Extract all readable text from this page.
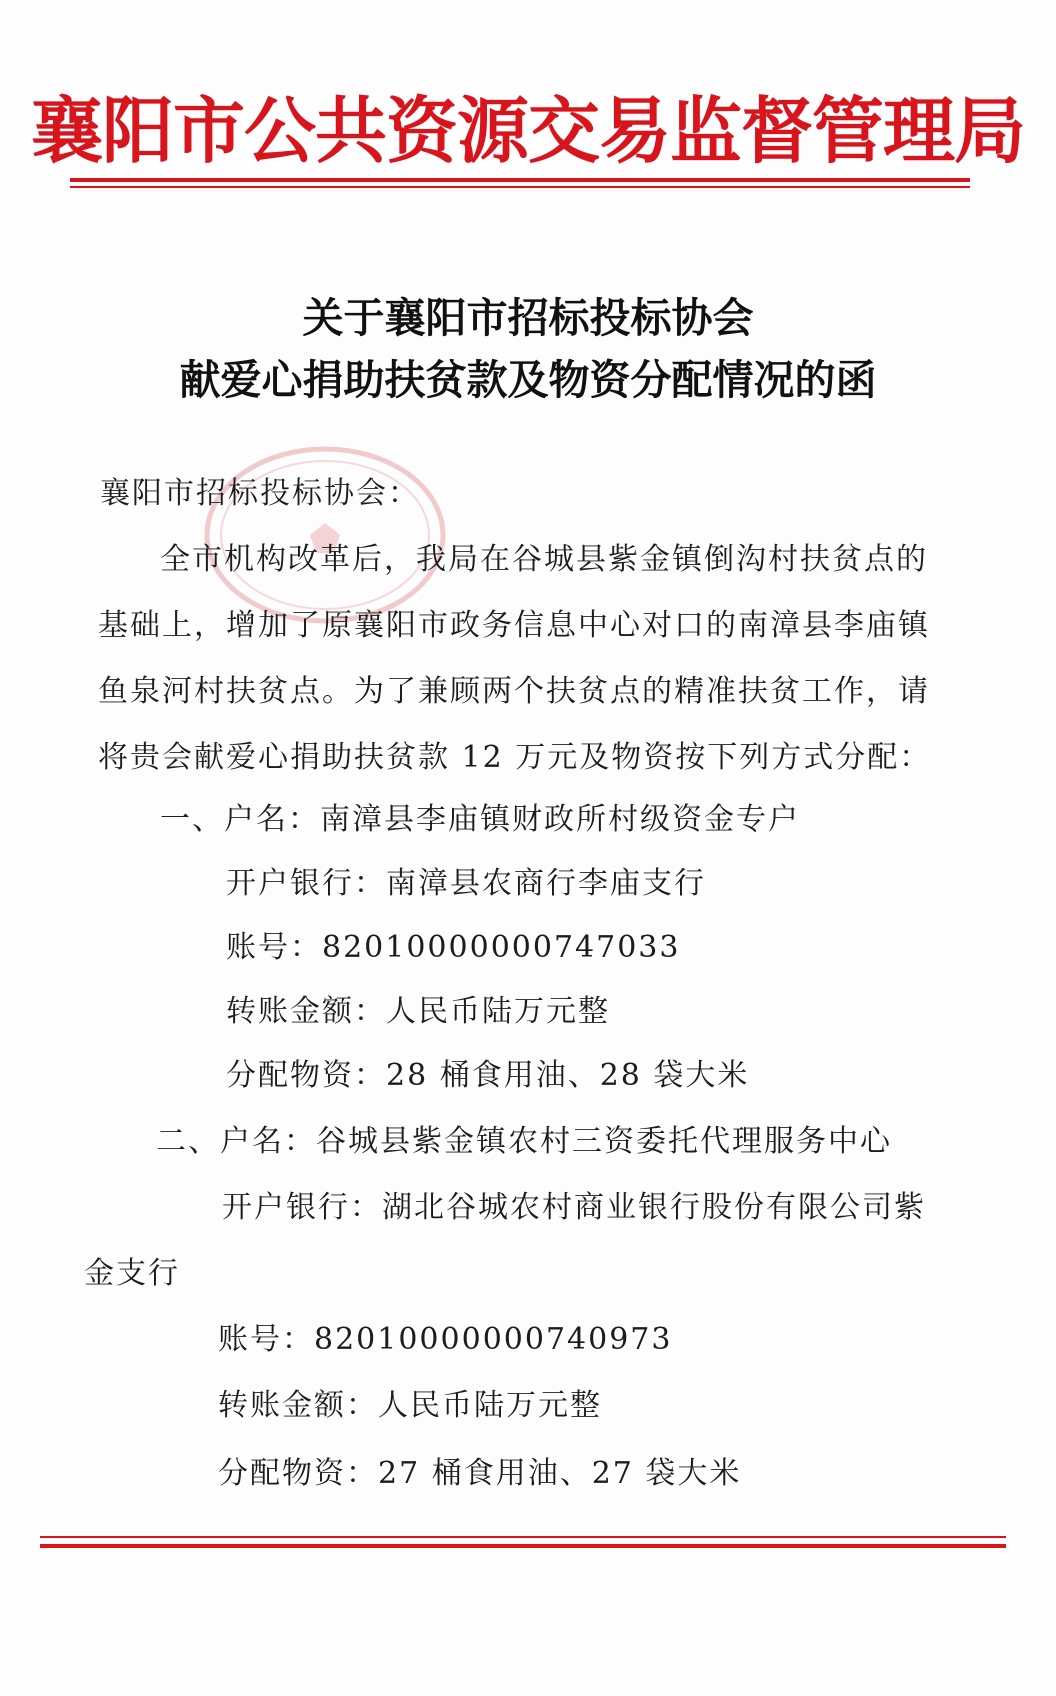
襄阳市公共资源交易监督管理局
关于襄阳市招标投标协会
献爱心捐助扶贫款及物资分配情况的函
襄阳市招标投标协会：
全市机构改革后，我局在谷城县紫金镇倒沟村扶贫点的
基础上，增加了原襄阳市政务信息中心对口的南漳县李庙镇
鱼泉河村扶贫点。为了兼顾两个扶贫点的精准扶贫工作，请
将贵会献爱心捐助扶贫款 12 万元及物资按下列方式分配：
一、户名：南漳县李庙镇财政所村级资金专户
开户银行：南漳县农商行李庙支行
账号：82010000000747033
转账金额：人民币陆万元整
分配物资：28 桶食用油、28 袋大米
二、户名：谷城县紫金镇农村三资委托代理服务中心
开户银行：湖北谷城农村商业银行股份有限公司紫
金支行
账号：82010000000740973
转账金额：人民币陆万元整
分配物资：27 桶食用油、27 袋大米
